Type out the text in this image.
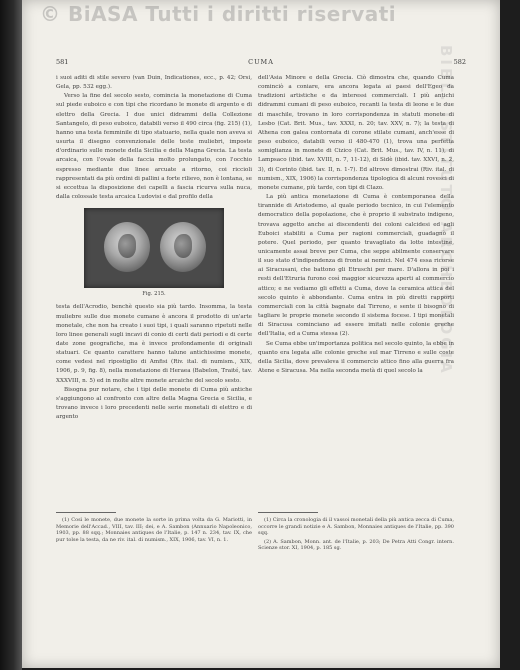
© BiASA Tutti i diritti riservati
BIBL. ISTITUTO ARCHEOLOGIA
581	CUMA	582

i suoi aditi di stile severo (van Duin, Indicationes, ecc., p. 42; Orsi, Gela, pp. 532 egg.).

Verso la fine del secolo sesto, comincia la monetazione di Cuma sul piede euboico e con tipi che ricordano le monete di argento e di elettro della Grecia. I due unici didrammi della Collezione Santangelo, di peso euboico, databili verso il 490 circa (fig. 215) (1), hanno una testa femminile di tipo statuario, nella quale non aveva si usurta il disegno convenzionale delle teste muliebri, imposte d'ordinario sulle monete della Sicilia e della Magna Grecia. La testa arcaica, con l'ovale della faccia molto prolungato, con l'occhio espresso mediante due linee arcuate a ritorno, coi riccioli rappresentati da più ordini di pallini a forte rilievo, non è lontana, se si eccettua la disposizione dei capelli a fascia ricurva sulla nuca, dalla colossale testa arcaica Ludovisi e dal profilo della

Fig. 215.

testa dell'Acrodio, benchè questo sia più tardo. Insomma, la testa muliebre sulle due monete cumane è ancora il prodotto di un'arte monetale, che non ha creato i suoi tipi, i quali saranno ripetuti nelle loro linee generali sugli incavi di conio di certi dati periodi e di certe date zone geografiche, ma è invece profondamente di originali statuari. Ce quanto carattere hanno talune antichissime monete, come vedesi nel ripostiglio di Amfisi (Riv. ital. di numism., XIX, 1906, p. 9, fig. 8), nella monetazione di Heraea (Babelon, Traité, tav. XXXVIII, n. 5) ed in molte altre monete arcaiche del secolo sesto.

Bisogna pur notare, che i tipi delle monete di Cuma più antiche s'aggiungono al confronto con altre della Magna Grecia e Sicilia, e trovano invece i loro precedenti nelle serie monetali di elettro e di argento

dell'Asia Minore e della Grecia. Ciò dimostra che, quando Cuma cominciò a coniare, era ancora legata ai paesi dell'Egeo da tradizioni artistiche e da interessi commerciali. I più antichi didrammi cumani di peso euboico, recanti la testa di leone e le due di maschile, trovano in loro corrispondenza in statuti monete di Lesbo (Cat. Brit. Mus., tav. XXXI, n. 20; tav. XXV, n. 7); la testa di Athena con galea contornata di corone stilate cumani, anch'esse di peso euboico, databili verso il 480-470 (1), trova una perfetta somiglianza in monete di Cizico (Cat. Brit. Mus., tav. IV, n. 11), di Lampsaco (ibid. tav. XVIII, n. 7, 11-12), di Sidè (ibid. tav. XXVI, n. 2, 3), di Corinto (ibid. tav. II, n. 1-7). Ed altrove dimostrai (Riv. ital. di numism., XIX, 1906) la corrispondenza tipologica di alcuni rovesci di monete cumane, più tarde, con tipi di Clazo.

La più antica monetazione di Cuma è contemporanea della tirannide di Aristodemo, al quale periodo tecnico, in cui l'elemento democratico della popolazione, che è proprio il substrato indigeno, trovava aggetto anche ai discendenti dei coloni calcidesi ed agli Euboici stabiliti a Cuma per ragioni commerciali, guadagnò il potere. Quel periodo, per quanto travagliato da lotte intestine, unicamente assai breve per Cuma, che seppe abilmente conservare il suo stato d'indipendenza di fronte ai nemici. Nel 474 essa ricorse ai Siracusani, che battono gli Etruschi per mare. D'allora in poi i resti dell'Etruria furono così maggior sicurezza aperti al commercio attico; e ne vediamo gli effetti a Cuma, dove la ceramica attica del secolo quinto è abbondante. Cuma entra in più diretti rapporti commerciali con la città bagnate dal Tirreno, e sente il bisogno di tagliare le proprie monete secondo il sistema focese. I tipi monetali di Siracusa cominciano ad essere imitati nelle colonie greche dell'Italia, ed a Cuma stessa (2).

Se Cuma ebbe un'importanza politica nel secolo quinto, la ebbe in quanto era legata alle colonie greche sul mar Tirreno e sulle coste della Sicilia, dove prevaleva il commercio attico fino alla guerra fra Atene e Siracusa. Ma nella seconda metà di quel secolo la

(1) Così le monete, due monete la sorte in prima volta da G. Mariotti, in Memorie dell'Accad., VIII, tav. III; dei, e A. Sambon (Annuario Napoleonico, 1903, pp. 88 sqq.; Monnaies antiques de l'Italie, p. 147 n. 234, tav. IX, che pur tolse la testa, da ne riv. ital. di numism., XIX, 1906, tav. VI, n. 1.

(1) Circa la cronologia di il vassoi monetali della più antica zecca di Cuma, occorre le grandi notizie e A. Sambon, Monnaies antiques de l'Italie, pp. 390 sqq.

(2) A. Sambon, Monn. ant. de l'Italie, p. 203; De Petra Atti Congr. intern. Scienze stor. XI, 1904, p. 185 sg.
